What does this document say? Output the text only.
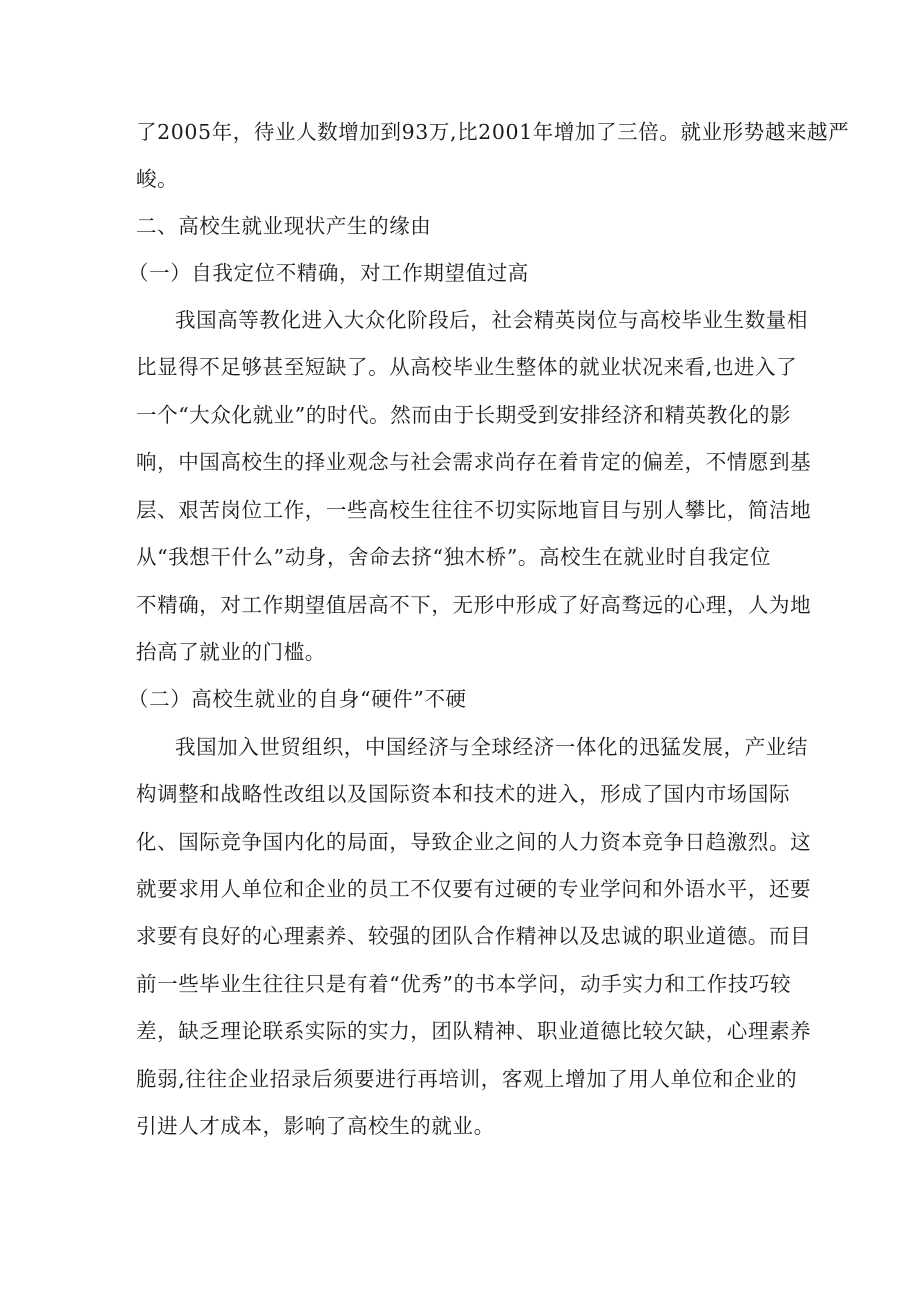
了2005年，待业人数增加到93万,比2001年增加了三倍。就业形势越来越严
峻。
二、高校生就业现状产生的缘由
（一）自我定位不精确，对工作期望值过高
我国高等教化进入大众化阶段后，社会精英岗位与高校毕业生数量相
比显得不足够甚至短缺了。从高校毕业生整体的就业状况来看,也进入了
一个“大众化就业”的时代。然而由于长期受到安排经济和精英教化的影
响，中国高校生的择业观念与社会需求尚存在着肯定的偏差，不情愿到基
层、艰苦岗位工作，一些高校生往往不切实际地盲目与别人攀比，简洁地
从“我想干什么”动身，舍命去挤“独木桥”。高校生在就业时自我定位
不精确，对工作期望值居高不下，无形中形成了好高骛远的心理，人为地
抬高了就业的门槛。
（二）高校生就业的自身“硬件”不硬
我国加入世贸组织，中国经济与全球经济一体化的迅猛发展，产业结
构调整和战略性改组以及国际资本和技术的进入，形成了国内市场国际
化、国际竞争国内化的局面，导致企业之间的人力资本竞争日趋激烈。这
就要求用人单位和企业的员工不仅要有过硬的专业学问和外语水平，还要
求要有良好的心理素养、较强的团队合作精神以及忠诚的职业道德。而目
前一些毕业生往往只是有着“优秀”的书本学问，动手实力和工作技巧较
差，缺乏理论联系实际的实力，团队精神、职业道德比较欠缺，心理素养
脆弱,往往企业招录后须要进行再培训，客观上增加了用人单位和企业的
引进人才成本，影响了高校生的就业。
